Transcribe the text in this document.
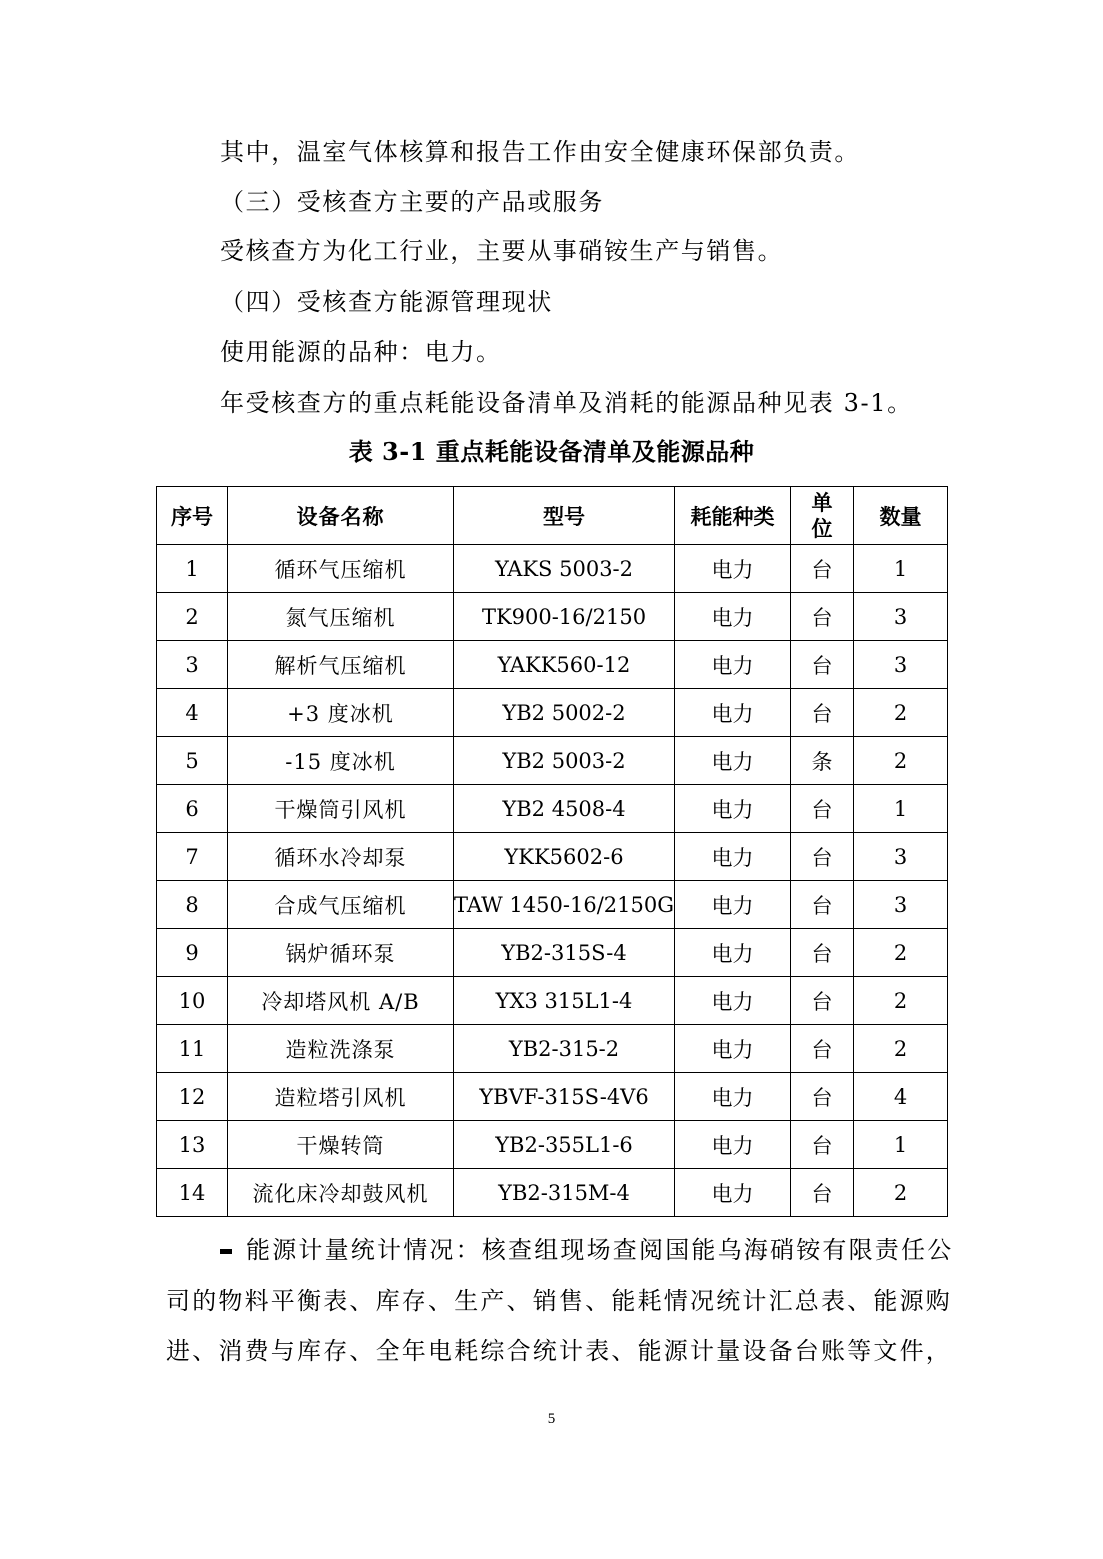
其中，温室气体核算和报告工作由安全健康环保部负责。
（三）受核查方主要的产品或服务
受核查方为化工行业，主要从事硝铵生产与销售。
（四）受核查方能源管理现状
使用能源的品种：电力。
年受核查方的重点耗能设备清单及消耗的能源品种见表 3-1。
表 3-1 重点耗能设备清单及能源品种
序号	设备名称	型号	耗能种类	单位	数量
1	循环气压缩机	YAKS 5003-2	电力	台	1
2	氮气压缩机	TK900-16/2150	电力	台	3
3	解析气压缩机	YAKK560-12	电力	台	3
4	+3 度冰机	YB2 5002-2	电力	台	2
5	-15 度冰机	YB2 5003-2	电力	条	2
6	干燥筒引风机	YB2 4508-4	电力	台	1
7	循环水冷却泵	YKK5602-6	电力	台	3
8	合成气压缩机	TAW 1450-16/2150G	电力	台	3
9	锅炉循环泵	YB2-315S-4	电力	台	2
10	冷却塔风机 A/B	YX3 315L1-4	电力	台	2
11	造粒洗涤泵	YB2-315-2	电力	台	2
12	造粒塔引风机	YBVF-315S-4V6	电力	台	4
13	干燥转筒	YB2-355L1-6	电力	台	1
14	流化床冷却鼓风机	YB2-315M-4	电力	台	2
能源计量统计情况：核查组现场查阅国能乌海硝铵有限责任公
司的物料平衡表、库存、生产、销售、能耗情况统计汇总表、能源购
进、消费与库存、全年电耗综合统计表、能源计量设备台账等文件，
5
